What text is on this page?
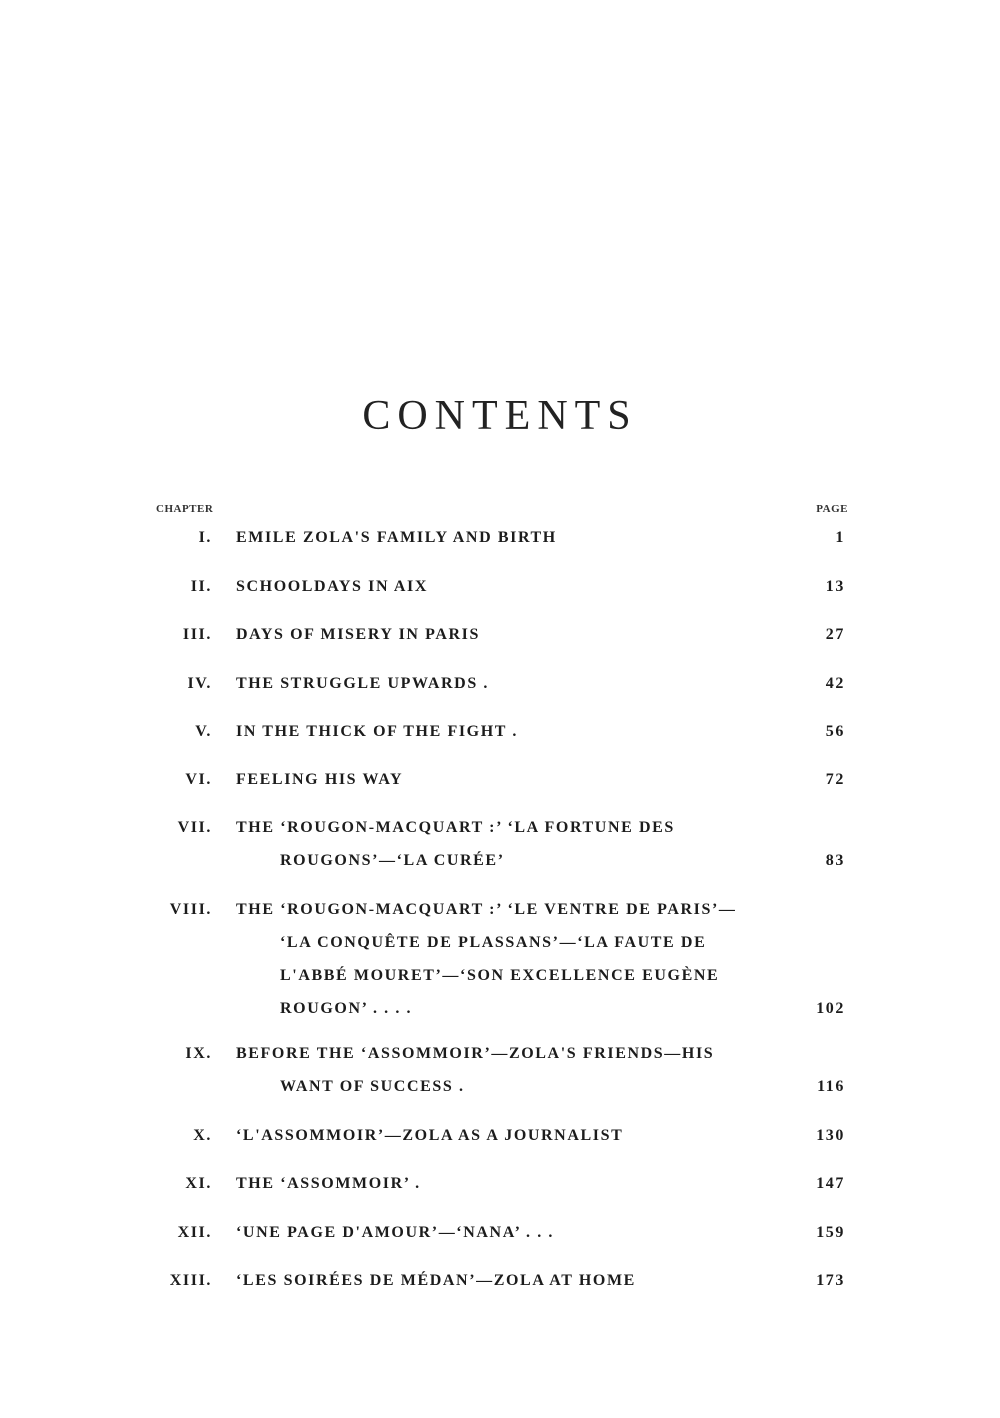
CONTENTS
CHAPTER	PAGE
I. EMILE ZOLA'S FAMILY AND BIRTH	1
II. SCHOOLDAYS IN AIX	13
III. DAYS OF MISERY IN PARIS	27
IV. THE STRUGGLE UPWARDS .	42
V. IN THE THICK OF THE FIGHT .	56
VI. FEELING HIS WAY	72
VII. THE ‘ROUGON-MACQUART :’ ‘LA FORTUNE DES
ROUGONS’—‘LA CURÉE’	83
VIII. THE ‘ROUGON-MACQUART :’ ‘LE VENTRE DE PARIS’—
‘LA CONQUÊTE DE PLASSANS’—‘LA FAUTE DE
L'ABBÉ MOURET’—‘SON EXCELLENCE EUGÈNE
ROUGON’ . . . .	102
IX. BEFORE THE ‘ASSOMMOIR’—ZOLA'S FRIENDS—HIS
WANT OF SUCCESS .	116
X. ‘L'ASSOMMOIR’—ZOLA AS A JOURNALIST	130
XI. THE ‘ASSOMMOIR’ .	147
XII. ‘UNE PAGE D'AMOUR’—‘NANA’ . . .	159
XIII. ‘LES SOIRÉES DE MÉDAN’—ZOLA AT HOME	173
